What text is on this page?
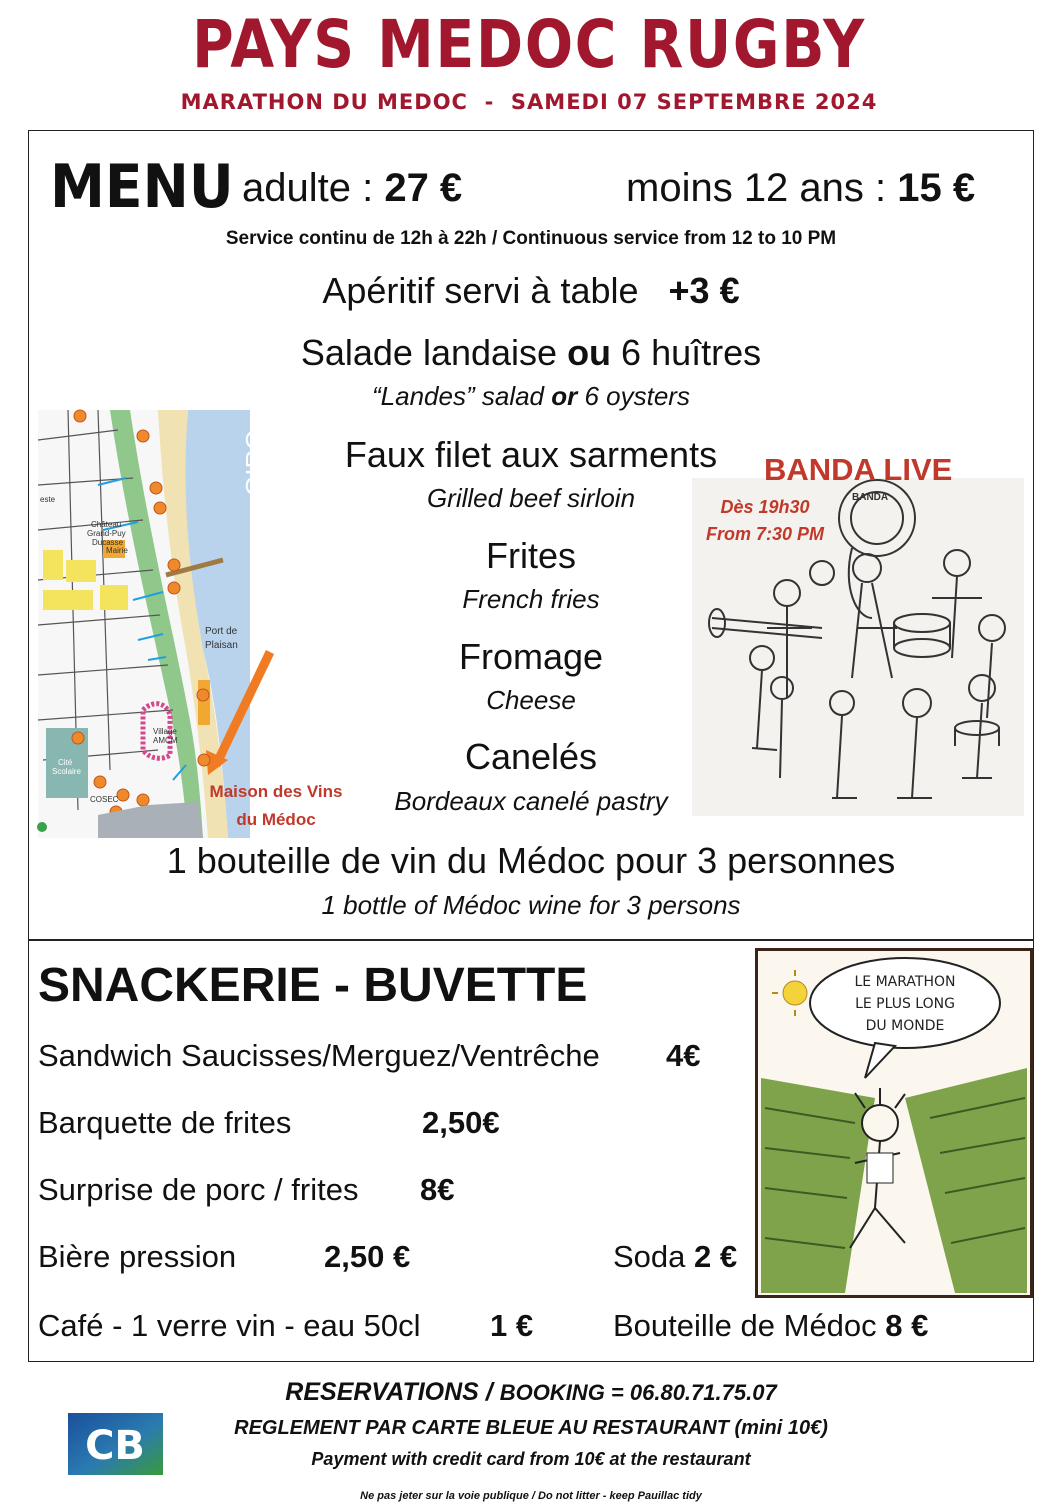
PAYS MEDOC RUGBY
MARATHON DU MEDOC  -  SAMEDI 07 SEPTEMBRE 2024
MENU adulte : 27 €	moins 12 ans : 15 €
Service continu de 12h à 22h / Continuous service from 12 to 10 PM
Apéritif servi à table +3 €
Salade landaise ou 6 huîtres
“Landes” salad or 6 oysters
Faux filet aux sarments
Grilled beef sirloin
Frites
French fries
Fromage
Cheese
Canelés
Bordeaux canelé pastry
1 bouteille de vin du Médoc pour 3 personnes
1 bottle of Médoc wine for 3 persons
Château
Grand-Puy
Ducasse
Mairie
este
Port de
Plaisan
Village
AMCM
Cité
Scolaire
COSEC
GIRO
Maison des Vins
du Médoc
BANDA
BANDA LIVE
Dès 19h30
From 7:30 PM
SNACKERIE - BUVETTE
Sandwich Saucisses/Merguez/Ventrêche 4€
Barquette de frites	2,50€
Surprise de porc / frites 8€
Bière pression	2,50 €	Soda 2 €
Café - 1 verre vin - eau 50cl 1 €	Bouteille de Médoc 8 €
LE MARATHON
LE PLUS LONG
DU MONDE
RESERVATIONS / BOOKING = 06.80.71.75.07
REGLEMENT PAR CARTE BLEUE AU RESTAURANT (mini 10€)
Payment with credit card from 10€ at the restaurant
Ne pas jeter sur la voie publique / Do not litter - keep Pauillac tidy
CB
